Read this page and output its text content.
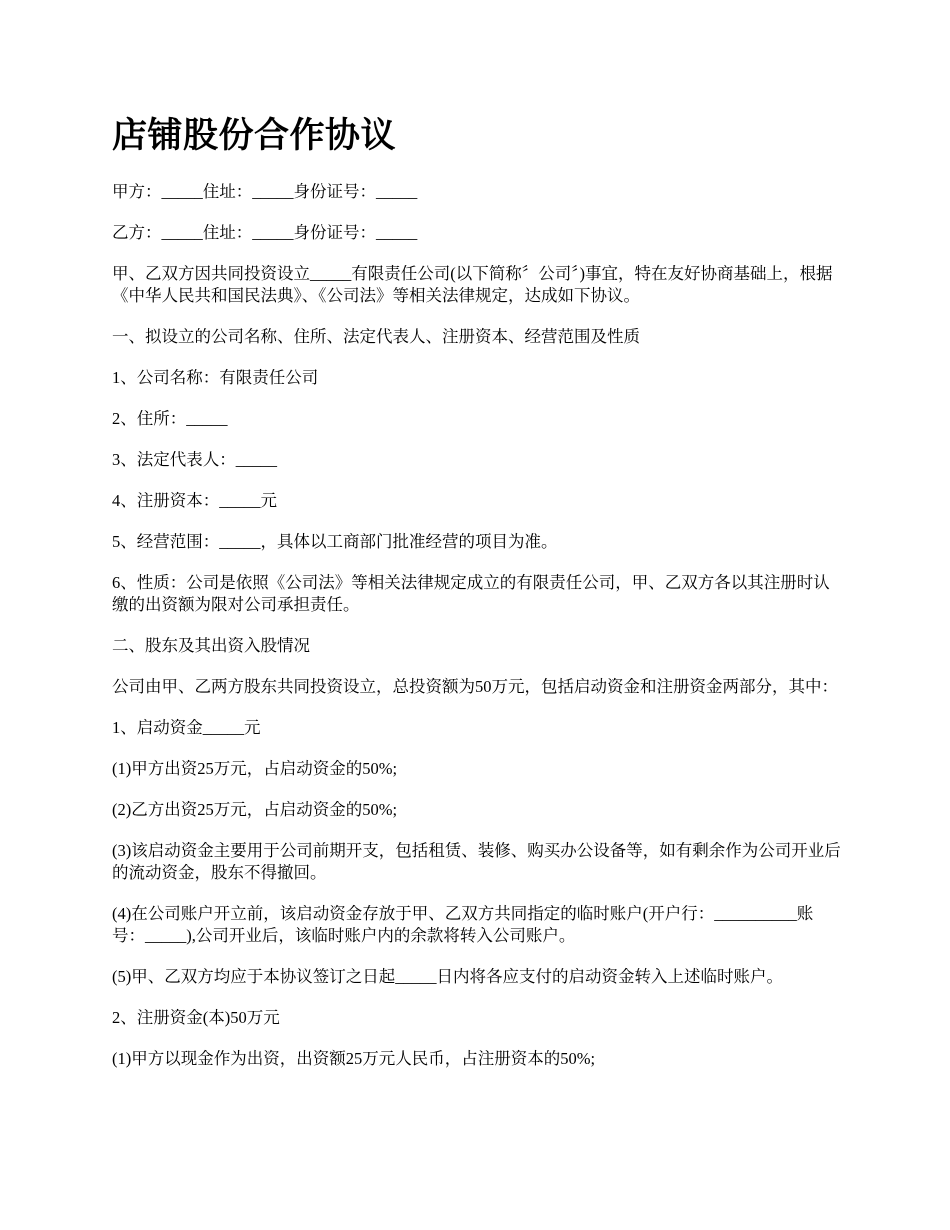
店铺股份合作协议

甲方：_____住址：_____身份证号：_____

乙方：_____住址：_____身份证号：_____

甲、乙双方因共同投资设立_____有限责任公司(以下简称〞公司〞)事宜，特在友好协商基础上，根据《中华人民共和国民法典》、《公司法》等相关法律规定，达成如下协议。

一、拟设立的公司名称、住所、法定代表人、注册资本、经营范围及性质

1、公司名称：有限责任公司

2、住所：_____

3、法定代表人：_____

4、注册资本：_____元

5、经营范围：_____，具体以工商部门批准经营的项目为准。

6、性质：公司是依照《公司法》等相关法律规定成立的有限责任公司，甲、乙双方各以其注册时认缴的出资额为限对公司承担责任。

二、股东及其出资入股情况

公司由甲、乙两方股东共同投资设立，总投资额为50万元，包括启动资金和注册资金两部分，其中：

1、启动资金_____元

(1)甲方出资25万元，占启动资金的50%;

(2)乙方出资25万元，占启动资金的50%;

(3)该启动资金主要用于公司前期开支，包括租赁、装修、购买办公设备等，如有剩余作为公司开业后的流动资金，股东不得撤回。

(4)在公司账户开立前，该启动资金存放于甲、乙双方共同指定的临时账户(开户行：__________账号：_____),公司开业后，该临时账户内的余款将转入公司账户。

(5)甲、乙双方均应于本协议签订之日起_____日内将各应支付的启动资金转入上述临时账户。

2、注册资金(本)50万元

(1)甲方以现金作为出资，出资额25万元人民币，占注册资本的50%;
